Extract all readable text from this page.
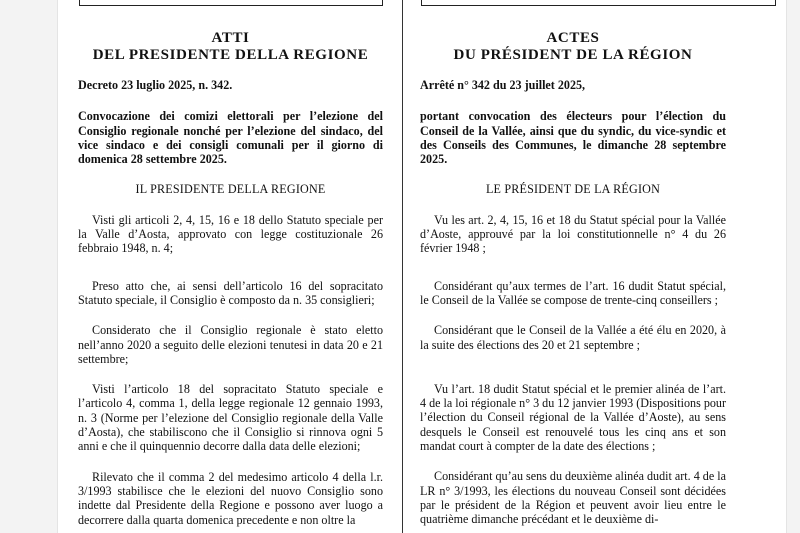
ATTI
DEL PRESIDENTE DELLA REGIONE
Decreto 23 luglio 2025, n. 342.
Convocazione dei comizi elettorali per l’elezione del Consiglio regionale nonché per l’elezione del sindaco, del vice sindaco e dei consigli comunali per il giorno di domenica 28 settembre 2025.
IL PRESIDENTE DELLA REGIONE

Visti gli articoli 2, 4, 15, 16 e 18 dello Statuto speciale per la Valle d’Aosta, approvato con legge costituzionale 26 febbraio 1948, n. 4;

Preso atto che, ai sensi dell’articolo 16 del sopracitato Statuto speciale, il Consiglio è composto da n. 35 consiglieri;

Considerato che il Consiglio regionale è stato eletto nell’anno 2020 a seguito delle elezioni tenutesi in data 20 e 21 settembre;

Visti l’articolo 18 del sopracitato Statuto speciale e l’articolo 4, comma 1, della legge regionale 12 gennaio 1993, n. 3 (Norme per l’elezione del Consiglio regionale della Valle d’Aosta), che stabiliscono che il Consiglio si rinnova ogni 5 anni e che il quinquennio decorre dalla data delle elezioni;

Rilevato che il comma 2 del medesimo articolo 4 della l.r. 3/1993 stabilisce che le elezioni del nuovo Consiglio sono indette dal Presidente della Regione e possono aver luogo a decorrere dalla quarta domenica precedente e non oltre la

ACTES
DU PRÉSIDENT DE LA RÉGION
Arrêté n° 342 du 23 juillet 2025,
portant convocation des électeurs pour l’élection du Conseil de la Vallée, ainsi que du syndic, du vice-syndic et des Conseils des Communes, le dimanche 28 septembre 2025.
LE PRÉSIDENT DE LA RÉGION

Vu les art. 2, 4, 15, 16 et 18 du Statut spécial pour la Vallée d’Aoste, approuvé par la loi constitutionnelle n° 4 du 26 février 1948 ;

Considérant qu’aux termes de l’art. 16 dudit Statut spécial, le Conseil de la Vallée se compose de trente-cinq conseillers ;

Considérant que le Conseil de la Vallée a été élu en 2020, à la suite des élections des 20 et 21 septembre ;

Vu l’art. 18 dudit Statut spécial et le premier alinéa de l’art. 4 de la loi régionale n° 3 du 12 janvier 1993 (Dispositions pour l’élection du Conseil régional de la Vallée d’Aoste), au sens desquels le Conseil est renouvelé tous les cinq ans et son mandat court à compter de la date des élections ;

Considérant qu’au sens du deuxième alinéa dudit art. 4 de la LR n° 3/1993, les élections du nouveau Conseil sont décidées par le président de la Région et peuvent avoir lieu entre le quatrième dimanche précédant et le deuxième di-
